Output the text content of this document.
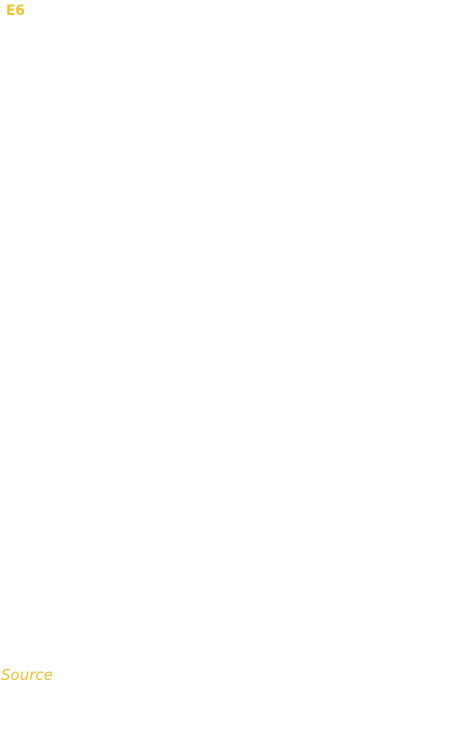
E6
Source
